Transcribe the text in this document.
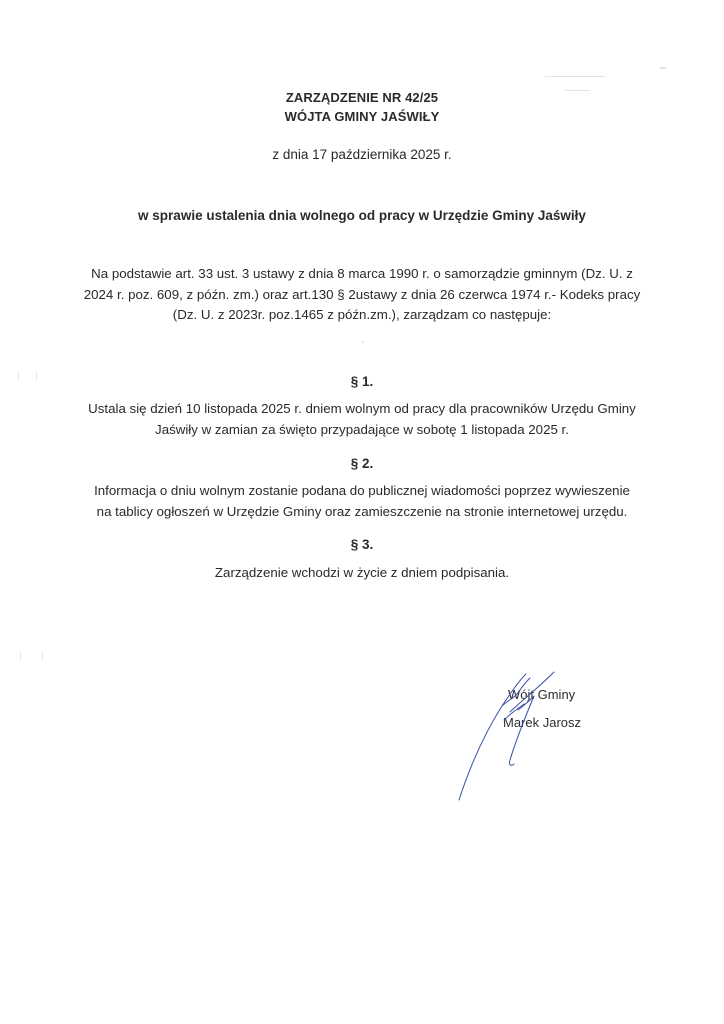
ZARZĄDZENIE NR 42/25
WÓJTA GMINY JAŚWIŁY
z dnia 17 października 2025 r.
w sprawie ustalenia dnia wolnego od pracy w Urzędzie Gminy Jaświły
Na podstawie art. 33 ust. 3 ustawy z dnia 8 marca 1990 r. o samorządzie gminnym (Dz. U. z
2024 r. poz. 609, z późn. zm.) oraz art.130 § 2ustawy z dnia 26 czerwca 1974 r.- Kodeks pracy
(Dz. U. z 2023r. poz.1465 z późn.zm.), zarządzam co następuje:
§ 1.
Ustala się dzień 10 listopada 2025 r. dniem wolnym od pracy dla pracowników Urzędu Gminy
Jaświły w zamian za święto przypadające w sobotę 1 listopada 2025 r.
§ 2.
Informacja o dniu wolnym zostanie podana do publicznej wiadomości poprzez wywieszenie
na tablicy ogłoszeń w Urzędzie Gminy oraz zamieszczenie na stronie internetowej urzędu.
§ 3.
Zarządzenie wchodzi w życie z dniem podpisania.
Wójt Gminy
Marek Jarosz
